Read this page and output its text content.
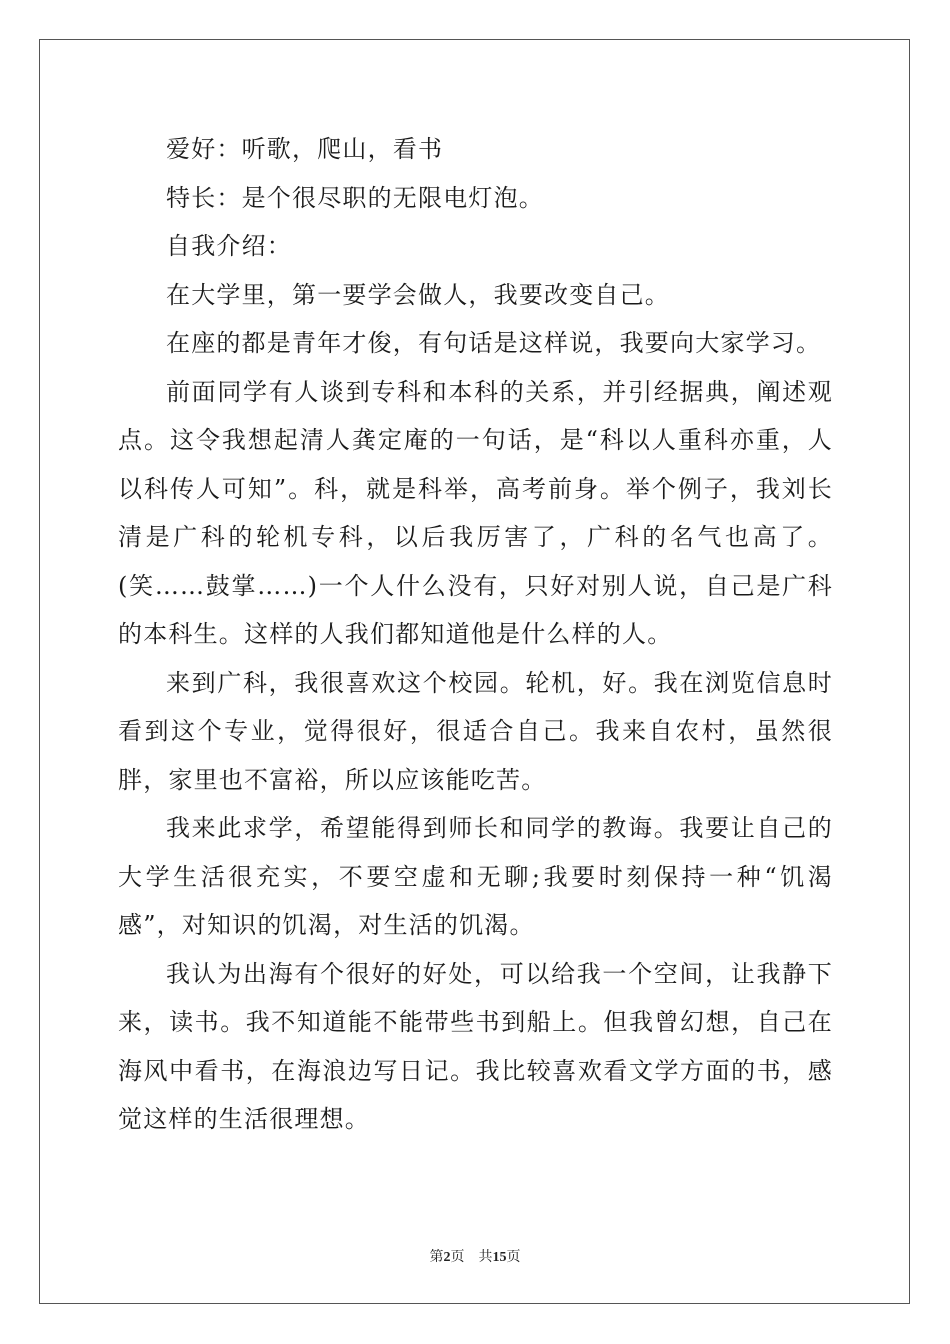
爱好：听歌，爬山，看书

特长：是个很尽职的无限电灯泡。

自我介绍：

在大学里，第一要学会做人，我要改变自己。

在座的都是青年才俊，有句话是这样说，我要向大家学习。

前面同学有人谈到专科和本科的关系，并引经据典，阐述观点。这令我想起清人龚定庵的一句话，是“科以人重科亦重，人以科传人可知”。科，就是科举，高考前身。举个例子，我刘长清是广科的轮机专科，以后我厉害了，广科的名气也高了。(笑……鼓掌……)一个人什么没有，只好对别人说，自己是广科的本科生。这样的人我们都知道他是什么样的人。

来到广科，我很喜欢这个校园。轮机，好。我在浏览信息时看到这个专业，觉得很好，很适合自己。我来自农村，虽然很胖，家里也不富裕，所以应该能吃苦。

我来此求学，希望能得到师长和同学的教诲。我要让自己的大学生活很充实，不要空虚和无聊;我要时刻保持一种“饥渴感”，对知识的饥渴，对生活的饥渴。

我认为出海有个很好的好处，可以给我一个空间，让我静下来，读书。我不知道能不能带些书到船上。但我曾幻想，自己在海风中看书，在海浪边写日记。我比较喜欢看文学方面的书，感觉这样的生活很理想。

第2页 共15页
